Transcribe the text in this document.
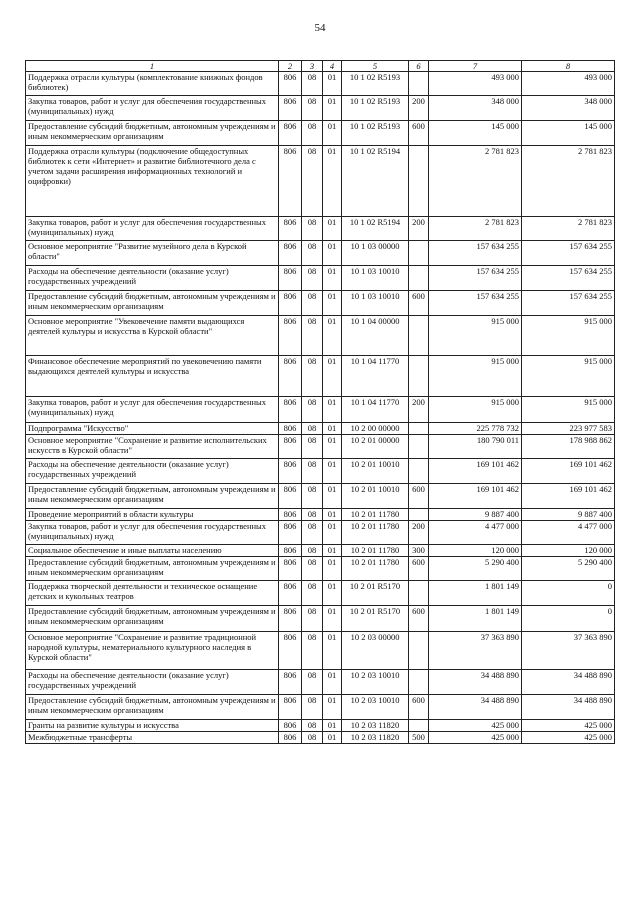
54
1	2	3	4	5	6	7	8
Поддержка отрасли культуры (комплектование книжных фондов библиотек)	806	08	01	10 1 02 R5193		493 000	493 000
Закупка товаров, работ и услуг для обеспечения государственных (муниципальных) нужд	806	08	01	10 1 02 R5193	200	348 000	348 000
Предоставление субсидий бюджетным, автономным учреждениям и иным некоммерческим организациям	806	08	01	10 1 02 R5193	600	145 000	145 000
Поддержка отрасли культуры (подключение общедоступных библиотек к сети «Интернет» и развитие библиотечного дела с учетом задачи расширения информационных технологий и оцифровки)	806	08	01	10 1 02 R5194		2 781 823	2 781 823
Закупка товаров, работ и услуг для обеспечения государственных (муниципальных) нужд	806	08	01	10 1 02 R5194	200	2 781 823	2 781 823
Основное мероприятие "Развитие музейного дела в Курской области"	806	08	01	10 1 03 00000		157 634 255	157 634 255
Расходы на обеспечение деятельности (оказание услуг) государственных учреждений	806	08	01	10 1 03 10010		157 634 255	157 634 255
Предоставление субсидий бюджетным, автономным учреждениям и иным некоммерческим организациям	806	08	01	10 1 03 10010	600	157 634 255	157 634 255
Основное мероприятие "Увековечение памяти выдающихся деятелей культуры и искусства в Курской области"	806	08	01	10 1 04 00000		915 000	915 000
Финансовое обеспечение мероприятий по увековечению памяти выдающихся деятелей культуры и искусства	806	08	01	10 1 04 11770		915 000	915 000
Закупка товаров, работ и услуг для обеспечения государственных (муниципальных) нужд	806	08	01	10 1 04 11770	200	915 000	915 000
Подпрограмма "Искусство"	806	08	01	10 2 00 00000		225 778 732	223 977 583
Основное мероприятие "Сохранение и развитие исполнительских искусств в Курской области"	806	08	01	10 2 01 00000		180 790 011	178 988 862
Расходы на обеспечение деятельности (оказание услуг) государственных учреждений	806	08	01	10 2 01 10010		169 101 462	169 101 462
Предоставление субсидий бюджетным, автономным учреждениям и иным некоммерческим организациям	806	08	01	10 2 01 10010	600	169 101 462	169 101 462
Проведение мероприятий в области культуры	806	08	01	10 2 01 11780		9 887 400	9 887 400
Закупка товаров, работ и услуг для обеспечения государственных (муниципальных) нужд	806	08	01	10 2 01 11780	200	4 477 000	4 477 000
Социальное обеспечение и иные выплаты населению	806	08	01	10 2 01 11780	300	120 000	120 000
Предоставление субсидий бюджетным, автономным учреждениям и иным некоммерческим организациям	806	08	01	10 2 01 11780	600	5 290 400	5 290 400
Поддержка творческой деятельности и техническое оснащение детских и кукольных театров	806	08	01	10 2 01 R5170		1 801 149	0
Предоставление субсидий бюджетным, автономным учреждениям и иным некоммерческим организациям	806	08	01	10 2 01 R5170	600	1 801 149	0
Основное мероприятие "Сохранение и развитие традиционной народной культуры, нематериального культурного наследия в Курской области"	806	08	01	10 2 03 00000		37 363 890	37 363 890
Расходы на обеспечение деятельности (оказание услуг) государственных учреждений	806	08	01	10 2 03 10010		34 488 890	34 488 890
Предоставление субсидий бюджетным, автономным учреждениям и иным некоммерческим организациям	806	08	01	10 2 03 10010	600	34 488 890	34 488 890
Гранты на развитие культуры и искусства	806	08	01	10 2 03 11820		425 000	425 000
Межбюджетные трансферты	806	08	01	10 2 03 11820	500	425 000	425 000
